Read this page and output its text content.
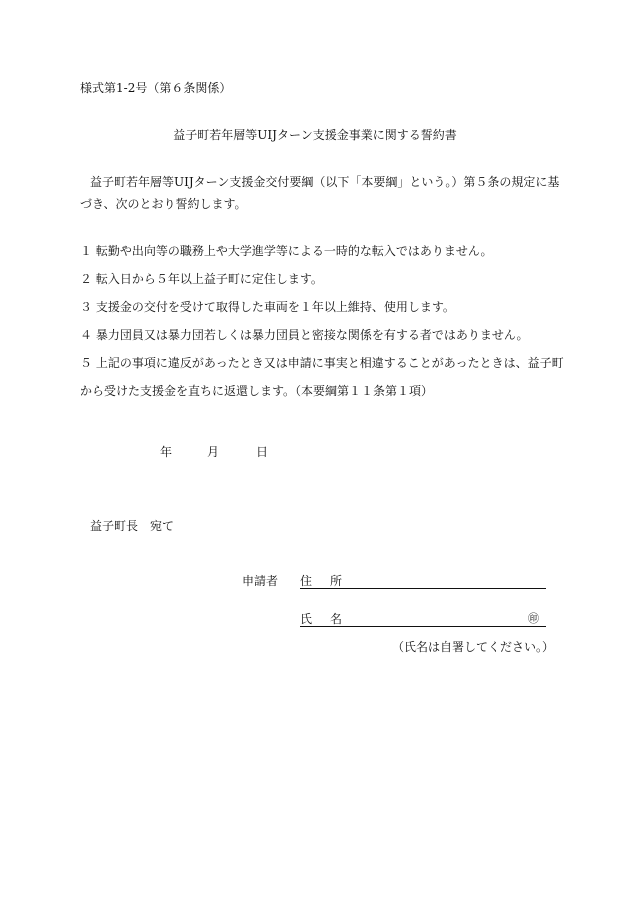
様式第1-2号（第６条関係）
益子町若年層等UIJターン支援金事業に関する誓約書
益子町若年層等UIJターン支援金交付要綱（以下「本要綱」という。）第５条の規定に基
づき、次のとおり誓約します。
１ 転勤や出向等の職務上や大学進学等による一時的な転入ではありません。
２ 転入日から５年以上益子町に定住します。
３ 支援金の交付を受けて取得した車両を１年以上維持、使用します。
４ 暴力団員又は暴力団若しくは暴力団員と密接な関係を有する者ではありません。
５ 上記の事項に違反があったとき又は申請に事実と相違することがあったときは、益子町
から受けた支援金を直ちに返還します。（本要綱第１１条第１項）
年	月	日
益子町長　宛て
申請者 住所
氏名	㊞
（氏名は自署してください。）
